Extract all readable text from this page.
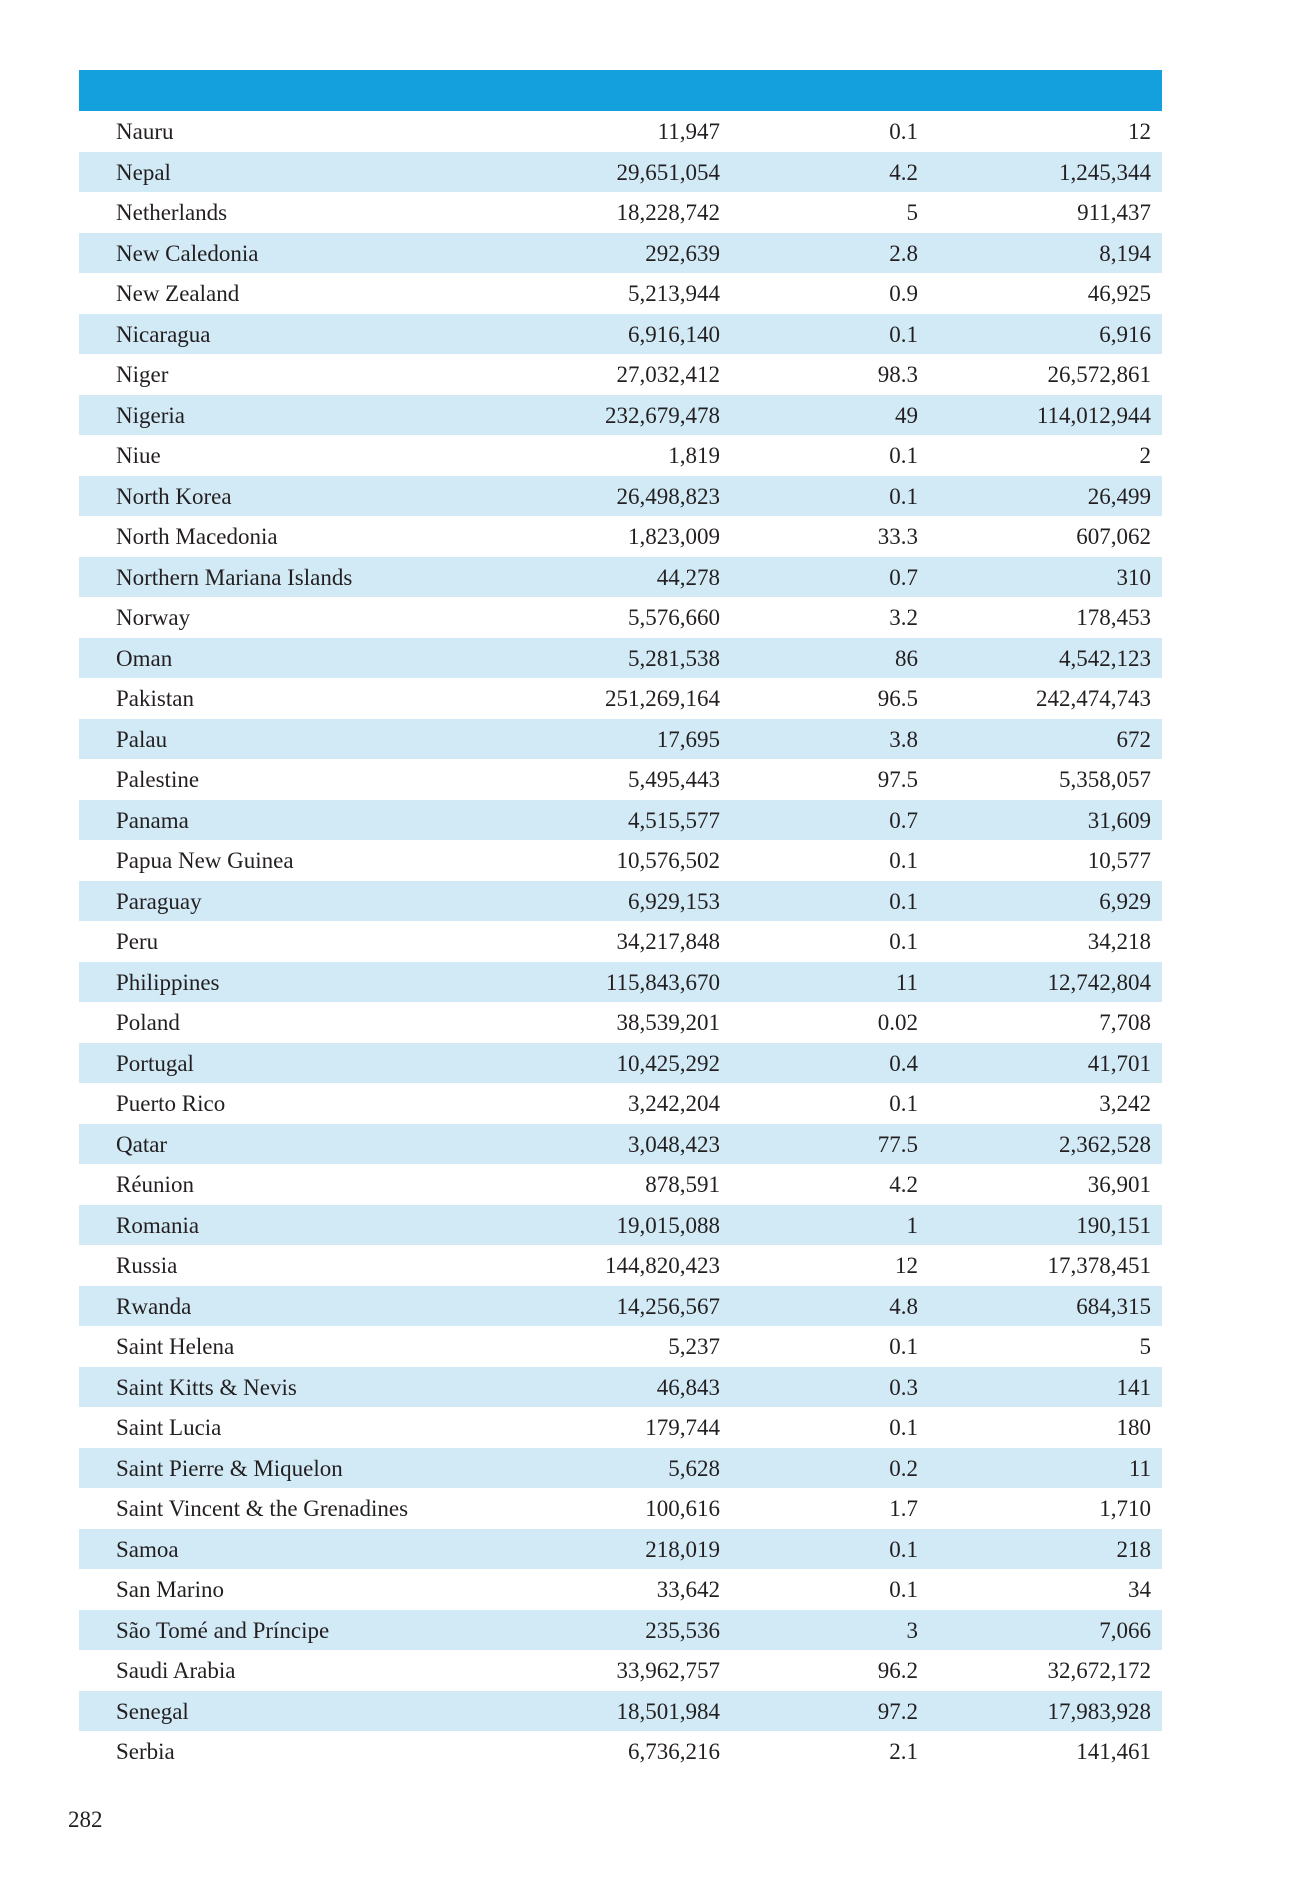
Nauru	11,947	0.1	12
Nepal	29,651,054	4.2	1,245,344
Netherlands	18,228,742	5	911,437
New Caledonia	292,639	2.8	8,194
New Zealand	5,213,944	0.9	46,925
Nicaragua	6,916,140	0.1	6,916
Niger	27,032,412	98.3	26,572,861
Nigeria	232,679,478	49	114,012,944
Niue	1,819	0.1	2
North Korea	26,498,823	0.1	26,499
North Macedonia	1,823,009	33.3	607,062
Northern Mariana Islands	44,278	0.7	310
Norway	5,576,660	3.2	178,453
Oman	5,281,538	86	4,542,123
Pakistan	251,269,164	96.5	242,474,743
Palau	17,695	3.8	672
Palestine	5,495,443	97.5	5,358,057
Panama	4,515,577	0.7	31,609
Papua New Guinea	10,576,502	0.1	10,577
Paraguay	6,929,153	0.1	6,929
Peru	34,217,848	0.1	34,218
Philippines	115,843,670	11	12,742,804
Poland	38,539,201	0.02	7,708
Portugal	10,425,292	0.4	41,701
Puerto Rico	3,242,204	0.1	3,242
Qatar	3,048,423	77.5	2,362,528
Réunion	878,591	4.2	36,901
Romania	19,015,088	1	190,151
Russia	144,820,423	12	17,378,451
Rwanda	14,256,567	4.8	684,315
Saint Helena	5,237	0.1	5
Saint Kitts & Nevis	46,843	0.3	141
Saint Lucia	179,744	0.1	180
Saint Pierre & Miquelon	5,628	0.2	11
Saint Vincent & the Grenadines	100,616	1.7	1,710
Samoa	218,019	0.1	218
San Marino	33,642	0.1	34
São Tomé and Príncipe	235,536	3	7,066
Saudi Arabia	33,962,757	96.2	32,672,172
Senegal	18,501,984	97.2	17,983,928
Serbia	6,736,216	2.1	141,461
282
